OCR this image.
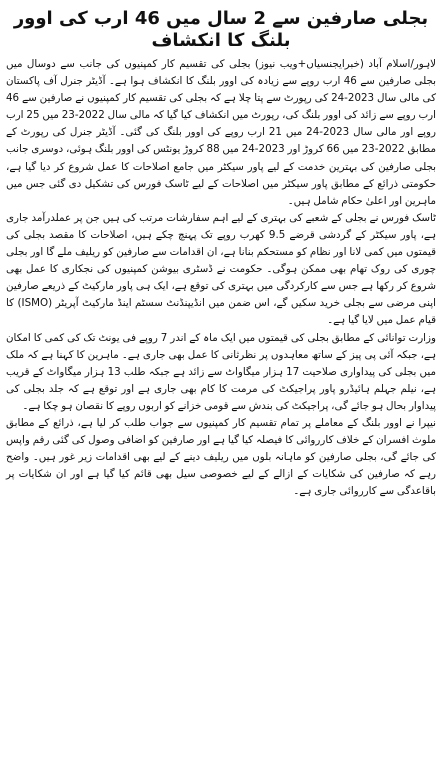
بجلی صارفین سے 2 سال میں 46 ارب کی اوور بلنگ کا انکشاف

لاہور/اسلام آباد (خبرایجنسیاں+ویب نیوز) بجلی کی تقسیم کار کمپنیوں کی جانب سے دوسال میں بجلی صارفین سے 46 ارب روپے سے زیادہ کی اوور بلنگ کا انکشاف ہوا ہے۔ آڈیٹر جنرل آف پاکستان کی مالی سال 2023-24 کی رپورٹ سے پتا چلا ہے کہ بجلی کی تقسیم کار کمپنیوں نے صارفین سے 46 ارب روپے سے زائد کی اوور بلنگ کی، رپورٹ میں انکشاف کیا گیا کہ مالی سال 2022-23 میں 25 ارب روپے اور مالی سال 2023-24 میں 21 ارب روپے کی اوور بلنگ کی گئی۔ آڈیٹر جنرل کی رپورٹ کے مطابق 2022-23 میں 66 کروڑ اور 2023-24 میں 88 کروڑ یونٹس کی اوور بلنگ ہوئی، دوسری جانب بجلی صارفین کی بہترین خدمت کے لیے پاور سیکٹر میں جامع اصلاحات کا عمل شروع کر دیا گیا ہے، حکومتی ذرائع کے مطابق پاور سیکٹر میں اصلاحات کے لیے ٹاسک فورس کی تشکیل دی گئی جس میں ماہرین اور اعلیٰ حکام شامل ہیں۔

ٹاسک فورس نے بجلی کے شعبے کی بہتری کے لیے اہم سفارشات مرتب کی ہیں جن پر عملدرآمد جاری ہے، پاور سیکٹر کے گردشی قرضے 9.5 کھرب روپے تک پہنچ چکے ہیں، اصلاحات کا مقصد بجلی کی قیمتوں میں کمی لانا اور نظام کو مستحکم بنانا ہے، ان اقدامات سے صارفین کو ریلیف ملے گا اور بجلی چوری کی روک تھام بھی ممکن ہوگی۔ حکومت نے ڈسٹری بیوشن کمپنیوں کی نجکاری کا عمل بھی شروع کر رکھا ہے جس سے کارکردگی میں بہتری کی توقع ہے، ایک ہی پاور مارکیٹ کے ذریعے صارفین اپنی مرضی سے بجلی خرید سکیں گے، اس ضمن میں انڈیپنڈنٹ سسٹم اینڈ مارکیٹ آپریٹر (ISMO) کا قیام عمل میں لایا گیا ہے۔

وزارت توانائی کے مطابق بجلی کی قیمتوں میں ایک ماہ کے اندر 7 روپے فی یونٹ تک کی کمی کا امکان ہے، جبکہ آئی پی پیز کے ساتھ معاہدوں پر نظرثانی کا عمل بھی جاری ہے۔ ماہرین کا کہنا ہے کہ ملک میں بجلی کی پیداواری صلاحیت 17 ہزار میگاواٹ سے زائد ہے جبکہ طلب 13 ہزار میگاواٹ کے قریب ہے، نیلم جہلم ہائیڈرو پاور پراجیکٹ کی مرمت کا کام بھی جاری ہے اور توقع ہے کہ جلد بجلی کی پیداوار بحال ہو جائے گی، پراجیکٹ کی بندش سے قومی خزانے کو اربوں روپے کا نقصان ہو چکا ہے۔

نیپرا نے اوور بلنگ کے معاملے پر تمام تقسیم کار کمپنیوں سے جواب طلب کر لیا ہے، ذرائع کے مطابق ملوث افسران کے خلاف کارروائی کا فیصلہ کیا گیا ہے اور صارفین کو اضافی وصول کی گئی رقم واپس کی جائے گی، بجلی صارفین کو ماہانہ بلوں میں ریلیف دینے کے لیے بھی اقدامات زیر غور ہیں۔ واضح رہے کہ صارفین کی شکایات کے ازالے کے لیے خصوصی سیل بھی قائم کیا گیا ہے اور ان شکایات پر باقاعدگی سے کارروائی جاری ہے۔
